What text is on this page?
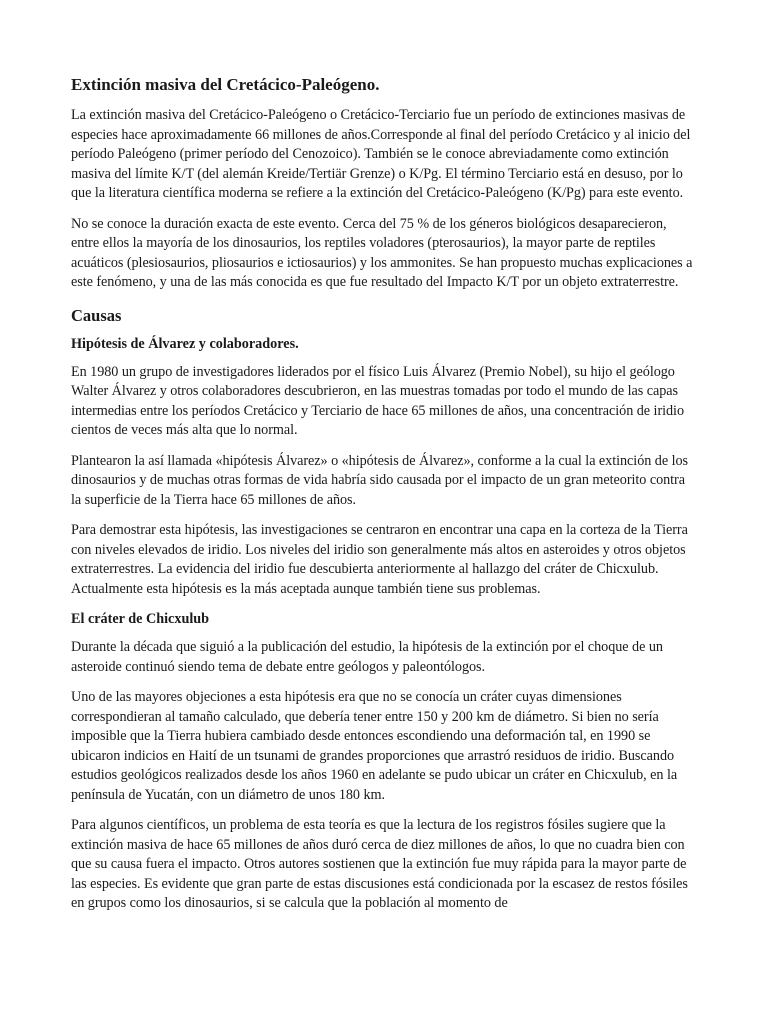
Extinción masiva del Cretácico-Paleógeno.

La extinción masiva del Cretácico-Paleógeno o Cretácico-Terciario fue un período de extinciones masivas de especies hace aproximadamente 66 millones de años.Corresponde al final del período Cretácico y al inicio del período Paleógeno (primer período del Cenozoico). También se le conoce abreviadamente como extinción masiva del límite K/T (del alemán Kreide/Tertiär Grenze) o K/Pg. El término Terciario está en desuso, por lo que la literatura científica moderna se refiere a la extinción del Cretácico-Paleógeno (K/Pg) para este evento.

No se conoce la duración exacta de este evento. Cerca del 75 % de los géneros biológicos desaparecieron, entre ellos la mayoría de los dinosaurios, los reptiles voladores (pterosaurios), la mayor parte de reptiles acuáticos (plesiosaurios, pliosaurios e ictiosaurios) y los ammonites. Se han propuesto muchas explicaciones a este fenómeno, y una de las más conocida es que fue resultado del Impacto K/T por un objeto extraterrestre.

Causas
Hipótesis de Álvarez y colaboradores.

En 1980 un grupo de investigadores liderados por el físico Luis Álvarez (Premio Nobel), su hijo el geólogo Walter Álvarez y otros colaboradores descubrieron, en las muestras tomadas por todo el mundo de las capas intermedias entre los períodos Cretácico y Terciario de hace 65 millones de años, una concentración de iridio cientos de veces más alta que lo normal.

Plantearon la así llamada «hipótesis Álvarez» o «hipótesis de Álvarez», conforme a la cual la extinción de los dinosaurios y de muchas otras formas de vida habría sido causada por el impacto de un gran meteorito contra la superficie de la Tierra hace 65 millones de años.

Para demostrar esta hipótesis, las investigaciones se centraron en encontrar una capa en la corteza de la Tierra con niveles elevados de iridio. Los niveles del iridio son generalmente más altos en asteroides y otros objetos extraterrestres. La evidencia del iridio fue descubierta anteriormente al hallazgo del cráter de Chicxulub. Actualmente esta hipótesis es la más aceptada aunque también tiene sus problemas.

El cráter de Chicxulub

Durante la década que siguió a la publicación del estudio, la hipótesis de la extinción por el choque de un asteroide continuó siendo tema de debate entre geólogos y paleontólogos.

Uno de las mayores objeciones a esta hipótesis era que no se conocía un cráter cuyas dimensiones correspondieran al tamaño calculado, que debería tener entre 150 y 200 km de diámetro. Si bien no sería imposible que la Tierra hubiera cambiado desde entonces escondiendo una deformación tal, en 1990 se ubicaron indicios en Haití de un tsunami de grandes proporciones que arrastró residuos de iridio. Buscando estudios geológicos realizados desde los años 1960 en adelante se pudo ubicar un cráter en Chicxulub, en la península de Yucatán, con un diámetro de unos 180 km.

Para algunos científicos, un problema de esta teoría es que la lectura de los registros fósiles sugiere que la extinción masiva de hace 65 millones de años duró cerca de diez millones de años, lo que no cuadra bien con que su causa fuera el impacto. Otros autores sostienen que la extinción fue muy rápida para la mayor parte de las especies. Es evidente que gran parte de estas discusiones está condicionada por la escasez de restos fósiles en grupos como los dinosaurios, si se calcula que la población al momento de
